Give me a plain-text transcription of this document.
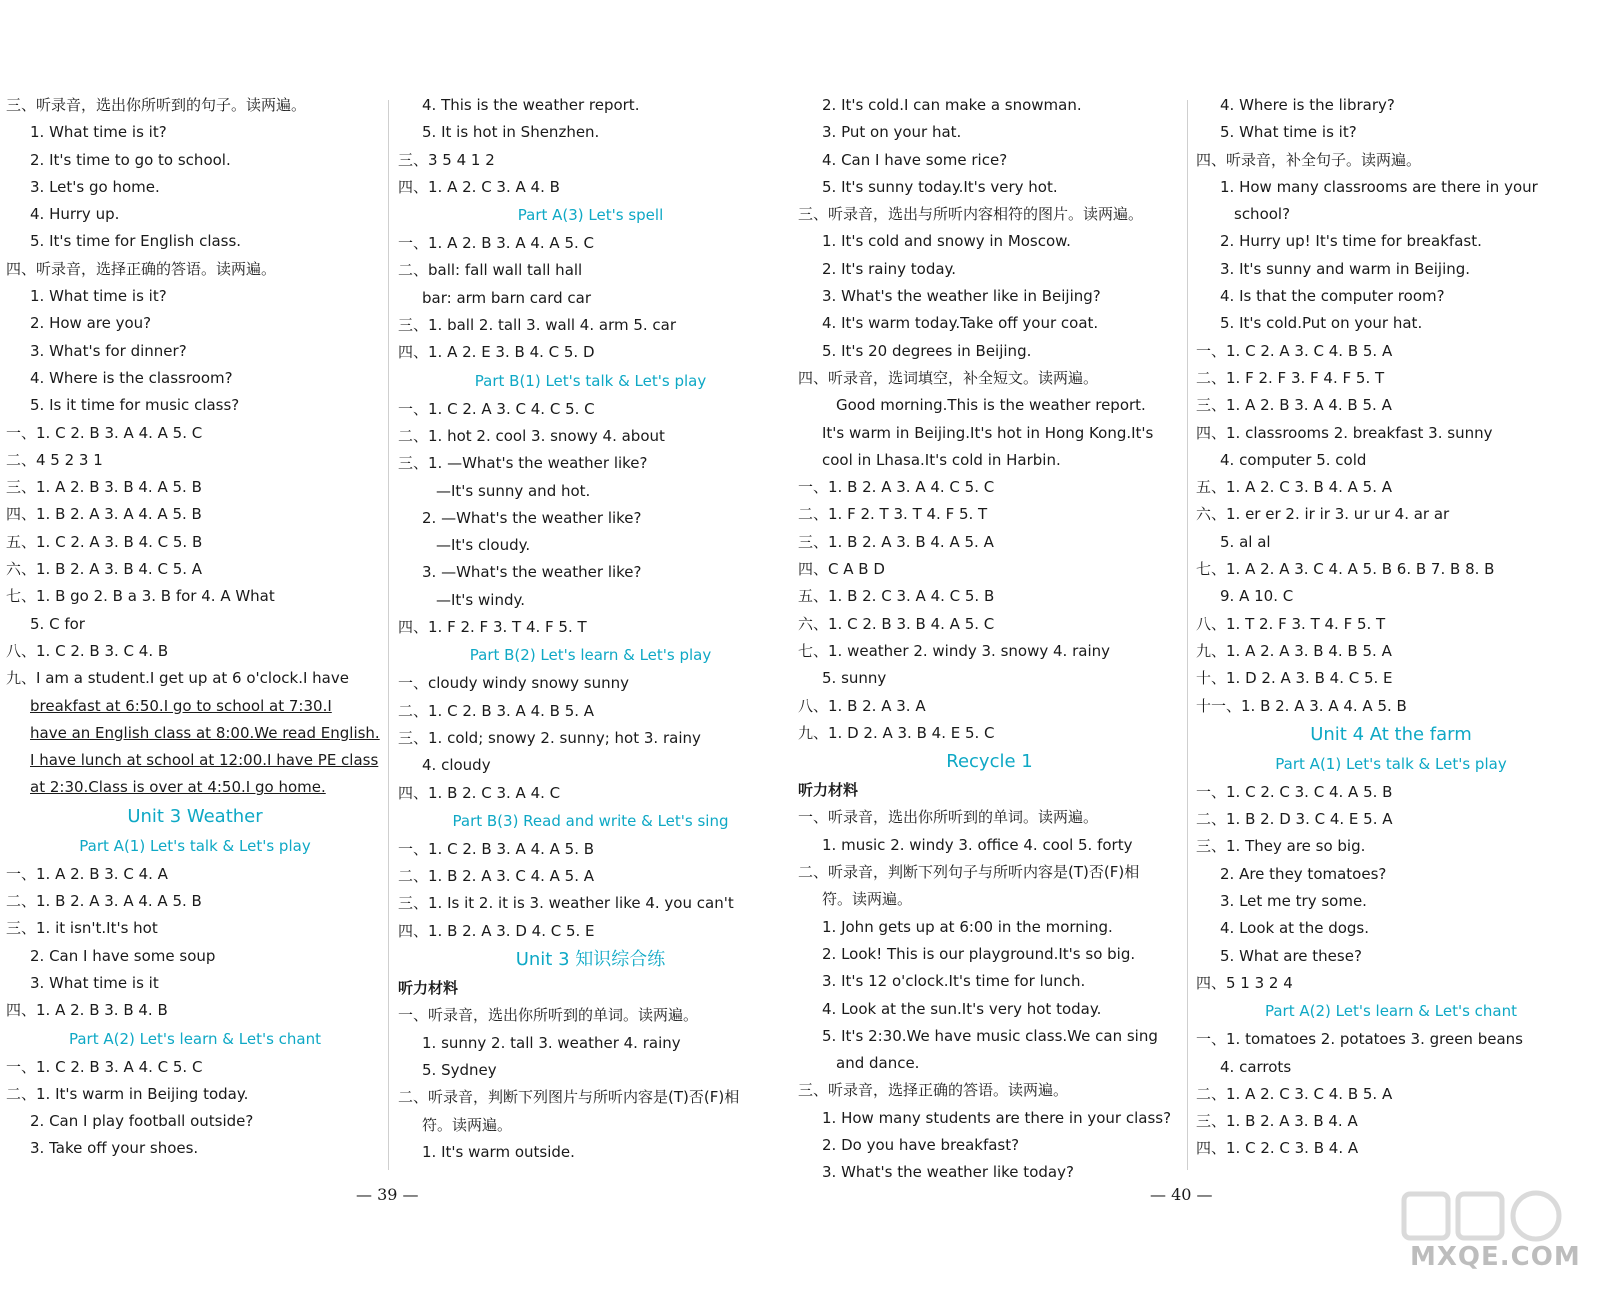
三、听录音，选出你所听到的句子。读两遍。
1. What time is it?
2. It's time to go to school.
3. Let's go home.
4. Hurry up.
5. It's time for English class.
四、听录音，选择正确的答语。读两遍。
1. What time is it?
2. How are you?
3. What's for dinner?
4. Where is the classroom?
5. Is it time for music class?
一、1. C 2. B 3. A 4. A 5. C
二、4 5 2 3 1
三、1. A 2. B 3. B 4. A 5. B
四、1. B 2. A 3. A 4. A 5. B
五、1. C 2. A 3. B 4. C 5. B
六、1. B 2. A 3. B 4. C 5. A
七、1. B go 2. B a 3. B for 4. A What
5. C for
八、1. C 2. B 3. C 4. B
九、I am a student.I get up at 6 o'clock.I have
breakfast at 6:50.I go to school at 7:30.I
have an English class at 8:00.We read English.
I have lunch at school at 12:00.I have PE class
at 2:30.Class is over at 4:50.I go home.
Unit 3 Weather
Part A(1) Let's talk & Let's play
一、1. A 2. B 3. C 4. A
二、1. B 2. A 3. A 4. A 5. B
三、1. it isn't.It's hot
2. Can I have some soup
3. What time is it
四、1. A 2. B 3. B 4. B
Part A(2) Let's learn & Let's chant
一、1. C 2. B 3. A 4. C 5. C
二、1. It's warm in Beijing today.
2. Can I play football outside?
3. Take off your shoes.
4. This is the weather report.
5. It is hot in Shenzhen.
三、3 5 4 1 2
四、1. A 2. C 3. A 4. B
Part A(3) Let's spell
一、1. A 2. B 3. A 4. A 5. C
二、ball: fall wall tall hall
bar: arm barn card car
三、1. ball 2. tall 3. wall 4. arm 5. car
四、1. A 2. E 3. B 4. C 5. D
Part B(1) Let's talk & Let's play
一、1. C 2. A 3. C 4. C 5. C
二、1. hot 2. cool 3. snowy 4. about
三、1. —What's the weather like?
—It's sunny and hot.
2. —What's the weather like?
—It's cloudy.
3. —What's the weather like?
—It's windy.
四、1. F 2. F 3. T 4. F 5. T
Part B(2) Let's learn & Let's play
一、cloudy windy snowy sunny
二、1. C 2. B 3. A 4. B 5. A
三、1. cold; snowy 2. sunny; hot 3. rainy
4. cloudy
四、1. B 2. C 3. A 4. C
Part B(3) Read and write & Let's sing
一、1. C 2. B 3. A 4. A 5. B
二、1. B 2. A 3. C 4. A 5. A
三、1. Is it 2. it is 3. weather like 4. you can't
四、1. B 2. A 3. D 4. C 5. E
Unit 3 知识综合练
听力材料
一、听录音，选出你所听到的单词。读两遍。
1. sunny 2. tall 3. weather 4. rainy
5. Sydney
二、听录音，判断下列图片与所听内容是(T)否(F)相
符。读两遍。
1. It's warm outside.
2. It's cold.I can make a snowman.
3. Put on your hat.
4. Can I have some rice?
5. It's sunny today.It's very hot.
三、听录音，选出与所听内容相符的图片。读两遍。
1. It's cold and snowy in Moscow.
2. It's rainy today.
3. What's the weather like in Beijing?
4. It's warm today.Take off your coat.
5. It's 20 degrees in Beijing.
四、听录音，选词填空，补全短文。读两遍。
Good morning.This is the weather report.
It's warm in Beijing.It's hot in Hong Kong.It's
cool in Lhasa.It's cold in Harbin.
一、1. B 2. A 3. A 4. C 5. C
二、1. F 2. T 3. T 4. F 5. T
三、1. B 2. A 3. B 4. A 5. A
四、C A B D
五、1. B 2. C 3. A 4. C 5. B
六、1. C 2. B 3. B 4. A 5. C
七、1. weather 2. windy 3. snowy 4. rainy
5. sunny
八、1. B 2. A 3. A
九、1. D 2. A 3. B 4. E 5. C
Recycle 1
听力材料
一、听录音，选出你所听到的单词。读两遍。
1. music 2. windy 3. office 4. cool 5. forty
二、听录音，判断下列句子与所听内容是(T)否(F)相
符。读两遍。
1. John gets up at 6:00 in the morning.
2. Look! This is our playground.It's so big.
3. It's 12 o'clock.It's time for lunch.
4. Look at the sun.It's very hot today.
5. It's 2:30.We have music class.We can sing
and dance.
三、听录音，选择正确的答语。读两遍。
1. How many students are there in your class?
2. Do you have breakfast?
3. What's the weather like today?
4. Where is the library?
5. What time is it?
四、听录音，补全句子。读两遍。
1. How many classrooms are there in your
school?
2. Hurry up! It's time for breakfast.
3. It's sunny and warm in Beijing.
4. Is that the computer room?
5. It's cold.Put on your hat.
一、1. C 2. A 3. C 4. B 5. A
二、1. F 2. F 3. F 4. F 5. T
三、1. A 2. B 3. A 4. B 5. A
四、1. classrooms 2. breakfast 3. sunny
4. computer 5. cold
五、1. A 2. C 3. B 4. A 5. A
六、1. er er 2. ir ir 3. ur ur 4. ar ar
5. al al
七、1. A 2. A 3. C 4. A 5. B 6. B 7. B 8. B
9. A 10. C
八、1. T 2. F 3. T 4. F 5. T
九、1. A 2. A 3. B 4. B 5. A
十、1. D 2. A 3. B 4. C 5. E
十一、1. B 2. A 3. A 4. A 5. B
Unit 4 At the farm
Part A(1) Let's talk & Let's play
一、1. C 2. C 3. C 4. A 5. B
二、1. B 2. D 3. C 4. E 5. A
三、1. They are so big.
2. Are they tomatoes?
3. Let me try some.
4. Look at the dogs.
5. What are these?
四、5 1 3 2 4
Part A(2) Let's learn & Let's chant
一、1. tomatoes 2. potatoes 3. green beans
4. carrots
二、1. A 2. C 3. C 4. B 5. A
三、1. B 2. A 3. B 4. A
四、1. C 2. C 3. B 4. A
— 39 —	— 40 —
MXQE.COM
